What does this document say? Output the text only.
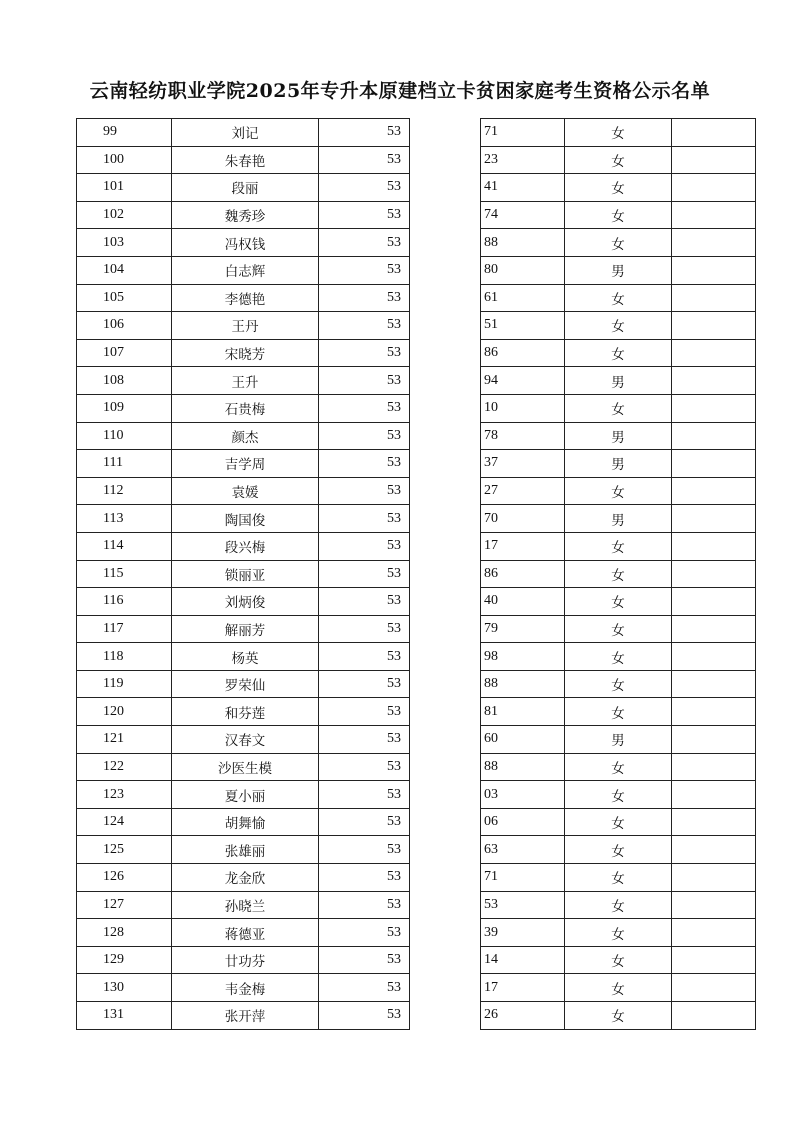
云南轻纺职业学院2025年专升本原建档立卡贫困家庭考生资格公示名单
99	刘记	53		71	女	
100	朱春艳	53		23	女	
101	段丽	53		41	女	
102	魏秀珍	53		74	女	
103	冯权钱	53		88	女	
104	白志辉	53		80	男	
105	李德艳	53		61	女	
106	王丹	53		51	女	
107	宋晓芳	53		86	女	
108	王升	53		94	男	
109	石贵梅	53		10	女	
110	颜杰	53		78	男	
111	吉学周	53		37	男	
112	袁媛	53		27	女	
113	陶国俊	53		70	男	
114	段兴梅	53		17	女	
115	锁丽亚	53		86	女	
116	刘炳俊	53		40	女	
117	解丽芳	53		79	女	
118	杨英	53		98	女	
119	罗荣仙	53		88	女	
120	和芬莲	53		81	女	
121	汉春文	53		60	男	
122	沙医生模	53		88	女	
123	夏小丽	53		03	女	
124	胡舞愉	53		06	女	
125	张雄丽	53		63	女	
126	龙金欣	53		71	女	
127	孙晓兰	53		53	女	
128	蒋德亚	53		39	女	
129	廿功芬	53		14	女	
130	韦金梅	53		17	女	
131	张开萍	53		26	女	
